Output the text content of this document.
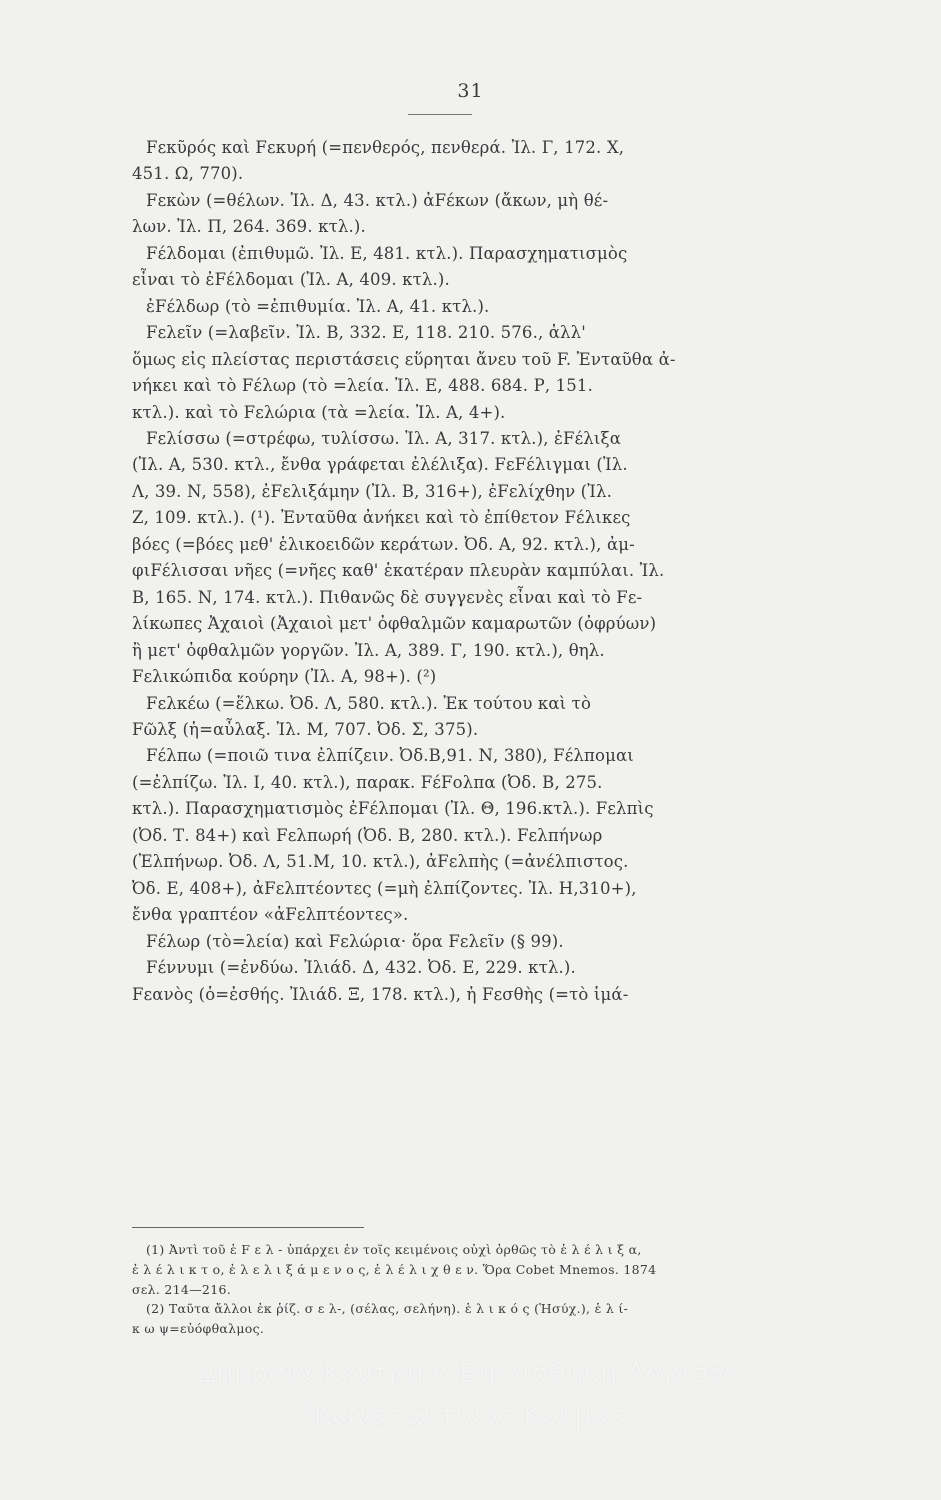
31
Fεκῦρός καὶ Fεκυρή (=πενθερός, πενθερά. Ἰλ. Γ, 172. Χ,
451. Ω, 770).
Fεκὼν (=θέλων. Ἰλ. Δ, 43. κτλ.) ἀFέκων (ἄκων, μὴ θέ-
λων. Ἰλ. Π, 264. 369. κτλ.).
Fέλδομαι (ἐπιθυμῶ. Ἰλ. Ε, 481. κτλ.). Παρασχηματισμὸς
εἶναι τὸ ἐFέλδομαι (Ἰλ. Α, 409. κτλ.).
ἐFέλδωρ (τὸ =ἐπιθυμία. Ἰλ. Α, 41. κτλ.).
Fελεῖν (=λαβεῖν. Ἰλ. Β, 332. Ε, 118. 210. 576., ἀλλ'
ὅμως εἰς πλείστας περιστάσεις εὕρηται ἄνευ τοῦ F. Ἐνταῦθα ἀ-
νήκει καὶ τὸ Fέλωρ (τὸ =λεία. Ἰλ. Ε, 488. 684. Ρ, 151.
κτλ.). καὶ τὸ Fελώρια (τὰ =λεία. Ἰλ. Α, 4+).
Fελίσσω (=στρέφω, τυλίσσω. Ἰλ. Α, 317. κτλ.), ἐFέλιξα
(Ἰλ. Α, 530. κτλ., ἔνθα γράφεται ἐλέλιξα). FεFέλιγμαι (Ἰλ.
Λ, 39. Ν, 558), ἐFελιξάμην (Ἰλ. Β, 316+), ἐFελίχθην (Ἰλ.
Ζ, 109. κτλ.). (¹). Ἐνταῦθα ἀνήκει καὶ τὸ ἐπίθετον Fέλικες
βόες (=βόες μεθ' ἑλικοειδῶν κεράτων. Ὀδ. Α, 92. κτλ.), ἀμ-
φιFέλισσαι νῆες (=νῆες καθ' ἑκατέραν πλευρὰν καμπύλαι. Ἰλ.
Β, 165. Ν, 174. κτλ.). Πιθανῶς δὲ συγγενὲς εἶναι καὶ τὸ Fε-
λίκωπες Ἀχαιοὶ (Ἀχαιοὶ μετ' ὀφθαλμῶν καμαρωτῶν (ὀφρύων)
ἢ μετ' ὀφθαλμῶν γοργῶν. Ἰλ. Α, 389. Γ, 190. κτλ.), θηλ.
Fελικώπιδα κούρην (Ἰλ. Α, 98+). (²)
Fελκέω (=ἕλκω. Ὀδ. Λ, 580. κτλ.). Ἐκ τούτου καὶ τὸ
Fῶλξ (ἡ=αὖλαξ. Ἰλ. Μ, 707. Ὀδ. Σ, 375).
Fέλπω (=ποιῶ τινα ἐλπίζειν. Ὀδ.Β,91. Ν, 380), Fέλπομαι
(=ἐλπίζω. Ἰλ. Ι, 40. κτλ.), παρακ. FέFολπα (Ὀδ. Β, 275.
κτλ.). Παρασχηματισμὸς ἐFέλπομαι (Ἰλ. Θ, 196.κτλ.). Fελπὶς
(Ὀδ. Τ. 84+) καὶ Fελπωρή (Ὀδ. Β, 280. κτλ.). Fελπήνωρ
(Ἐλπήνωρ. Ὀδ. Λ, 51.Μ, 10. κτλ.), ἀFελπὴς (=ἀνέλπιστος.
Ὀδ. Ε, 408+), ἀFελπτέοντες (=μὴ ἐλπίζοντες. Ἰλ. Η,310+),
ἔνθα γραπτέον «ἀFελπτέοντες».
Fέλωρ (τὸ=λεία) καὶ Fελώρια· ὅρα Fελεῖν (§ 99).
Fέννυμι (=ἐνδύω. Ἰλιάδ. Δ, 432. Ὀδ. Ε, 229. κτλ.).
Fεανὸς (ὁ=ἐσθής. Ἰλιάδ. Ξ, 178. κτλ.), ἡ Fεσθὴς (=τὸ ἱμά-
(1) Ἀντὶ τοῦ ἑ F ε λ - ὑπάρχει ἐν τοῖς κειμένοις οὐχὶ ὀρθῶς τὸ ἑ λ έ λ ι ξ α,
ἐ λ έ λ ι κ τ ο, ἐ λ ε λ ι ξ ά μ ε ν ο ς, ἐ λ έ λ ι χ θ ε ν. Ὅρα Cobet Mnemos. 1874
σελ. 214—216.
(2) Ταῦτα ἄλλοι ἐκ ῥίζ. σ ε λ-, (σέλας, σελήνη). ἑ λ ι κ ό ς (Ἡσύχ.), ἑ λ ί-
κ ω ψ=εὐόφθαλμος.
Δημόσια Κεντρική Βιβλιοθήκη Λάρισας
"Κωνσταντίνος Κούμας"
